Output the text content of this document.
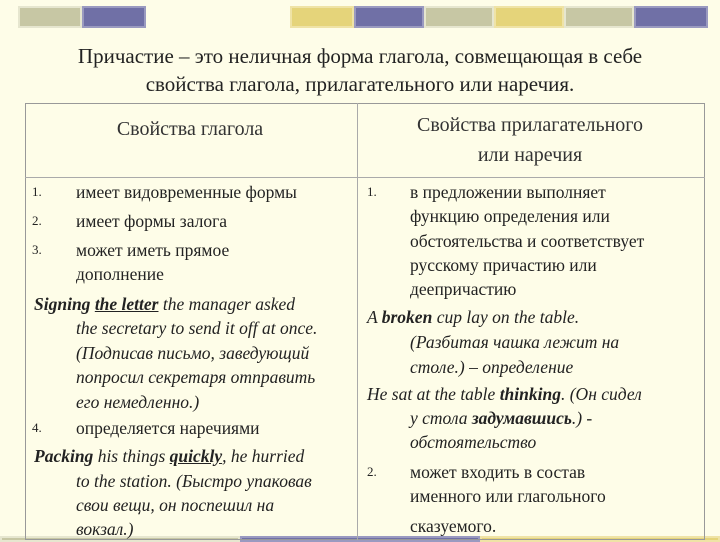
Причастие – это неличная форма глагола, совмещающая в себе
свойства глагола, прилагательного или наречия.
Свойства глагола	Свойства прилагательного
или наречия
1. имеет видовременные формы
2. имеет формы залога
3. может иметь прямое
дополнение
Signing the letter the manager asked
the secretary to send it off at once.
(Подписав письмо, заведующий
попросил секретаря отправить
его немедленно.)
4. определяется наречиями
Packing his things quickly, he hurried
to the station. (Быстро упаковав
свои вещи, он поспешил на
вокзал.)
1. в предложении выполняет
функцию определения или
обстоятельства и соответствует
русскому причастию или
деепричастию
A broken cup lay on the table.
(Разбитая чашка лежит на
столе.) – определение
He sat at the table thinking. (Он сидел
у стола задумавшись.) -
обстоятельство
2. может входить в состав
именного или глагольного
сказуемого.
